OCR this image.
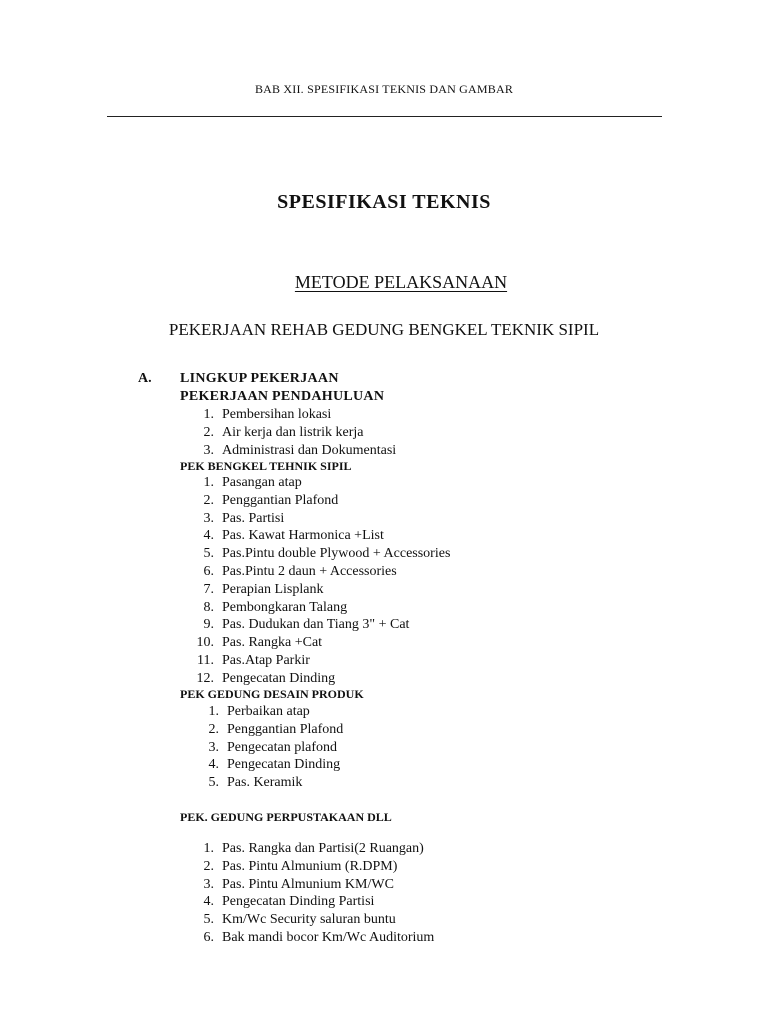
BAB XII. SPESIFIKASI TEKNIS DAN GAMBAR
SPESIFIKASI TEKNIS
METODE PELAKSANAAN
PEKERJAAN REHAB GEDUNG BENGKEL TEKNIK SIPIL
A. LINGKUP PEKERJAAN
PEKERJAAN PENDAHULUAN
1. Pembersihan lokasi
2. Air kerja dan listrik kerja
3. Administrasi dan Dokumentasi
PEK BENGKEL TEHNIK SIPIL
1. Pasangan atap
2. Penggantian Plafond
3. Pas. Partisi
4. Pas. Kawat Harmonica +List
5. Pas.Pintu double Plywood + Accessories
6. Pas.Pintu 2 daun + Accessories
7. Perapian Lisplank
8. Pembongkaran Talang
9. Pas. Dudukan dan Tiang 3" + Cat
10. Pas. Rangka +Cat
11. Pas.Atap Parkir
12. Pengecatan Dinding
PEK GEDUNG DESAIN PRODUK
1. Perbaikan atap
2. Penggantian Plafond
3. Pengecatan plafond
4. Pengecatan Dinding
5. Pas. Keramik
PEK. GEDUNG PERPUSTAKAAN DLL
1. Pas. Rangka dan Partisi(2 Ruangan)
2. Pas. Pintu Almunium (R.DPM)
3. Pas. Pintu Almunium KM/WC
4. Pengecatan Dinding Partisi
5. Km/Wc Security saluran buntu
6. Bak mandi bocor Km/Wc Auditorium
